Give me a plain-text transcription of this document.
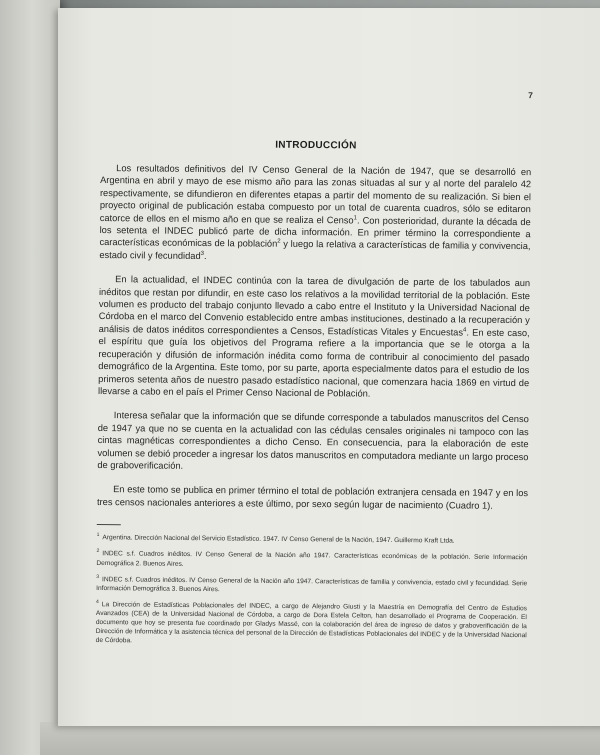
7
INTRODUCCIÓN

Los resultados definitivos del IV Censo General de la Nación de 1947, que se desarrolló en Argentina en abril y mayo de ese mismo año para las zonas situadas al sur y al norte del paralelo 42 respectivamente, se difundieron en diferentes etapas a partir del momento de su realización. Si bien el proyecto original de publicación estaba compuesto por un total de cuarenta cuadros, sólo se editaron catorce de ellos en el mismo año en que se realiza el Censo$^1$. Con posterioridad, durante la década de los setenta el INDEC publicó parte de dicha información. En primer término la correspondiente a características económicas de la población$^2$ y luego la relativa a características de familia y convivencia, estado civil y fecundidad$^3$.

En la actualidad, el INDEC continúa con la tarea de divulgación de parte de los tabulados aun inéditos que restan por difundir, en este caso los relativos a la movilidad territorial de la población. Este volumen es producto del trabajo conjunto llevado a cabo entre el Instituto y la Universidad Nacional de Córdoba en el marco del Convenio establecido entre ambas instituciones, destinado a la recuperación y análisis de datos inéditos correspondientes a Censos, Estadísticas Vitales y Encuestas$^4$. En este caso, el espíritu que guía los objetivos del Programa refiere a la importancia que se le otorga a la recuperación y difusión de información inédita como forma de contribuir al conocimiento del pasado demográfico de la Argentina. Este tomo, por su parte, aporta especialmente datos para el estudio de los primeros setenta años de nuestro pasado estadístico nacional, que comenzara hacia 1869 en virtud de llevarse a cabo en el país el Primer Censo Nacional de Población.

Interesa señalar que la información que se difunde corresponde a tabulados manuscritos del Censo de 1947 ya que no se cuenta en la actualidad con las cédulas censales originales ni tampoco con las cintas magnéticas correspondientes a dicho Censo. En consecuencia, para la elaboración de este volumen se debió proceder a ingresar los datos manuscritos en computadora mediante un largo proceso de graboverificación.

En este tomo se publica en primer término el total de población extranjera censada en 1947 y en los tres censos nacionales anteriores a este último, por sexo según lugar de nacimiento (Cuadro 1).

$^1$ Argentina. Dirección Nacional del Servicio Estadístico. 1947. IV Censo General de la Nación, 1947. Guillermo Kraft Ltda.

$^2$ INDEC s.f. Cuadros inéditos. IV Censo General de la Nación año 1947. Características económicas de la población. Serie Información Demográfica 2. Buenos Aires.

$^3$ INDEC s.f. Cuadros inéditos. IV Censo General de la Nación año 1947. Características de familia y convivencia, estado civil y fecundidad. Serie Información Demográfica 3. Buenos Aires.

$^4$ La Dirección de Estadísticas Poblacionales del INDEC, a cargo de Alejandro Giusti y la Maestría en Demografía del Centro de Estudios Avanzados (CEA) de la Universidad Nacional de Córdoba, a cargo de Dora Estela Celton, han desarrollado el Programa de Cooperación. El documento que hoy se presenta fue coordinado por Gladys Massé, con la colaboración del área de ingreso de datos y graboverificación de la Dirección de Informática y la asistencia técnica del personal de la Dirección de Estadísticas Poblacionales del INDEC y de la Universidad Nacional de Córdoba.
